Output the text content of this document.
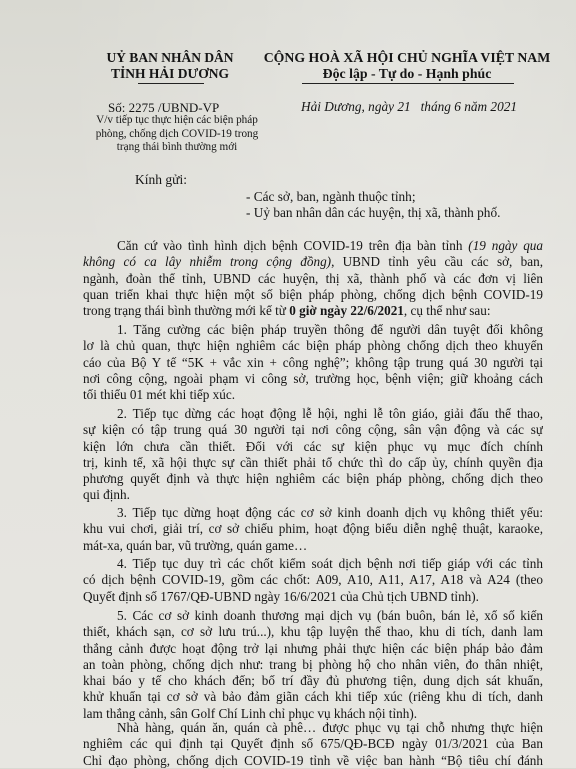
UỶ BAN NHÂN DÂN
TỈNH HẢI DƯƠNG
CỘNG HOÀ XÃ HỘI CHỦ NGHĨA VIỆT NAM
Độc lập - Tự do - Hạnh phúc
Số: 2275 /UBND-VP
V/v tiếp tục thực hiện các biện pháp
phòng, chống dịch COVID-19 trong
trạng thái bình thường mới
Hải Dương, ngày 21   tháng 6 năm 2021
Kính gửi:
- Các sở, ban, ngành thuộc tỉnh;
- Uỷ ban nhân dân các huyện, thị xã, thành phố.
Căn cứ vào tình hình dịch bệnh COVID-19 trên địa bàn tỉnh (19 ngày qua
không có ca lây nhiễm trong cộng đồng), UBND tỉnh yêu cầu các sở, ban,
ngành, đoàn thể tỉnh, UBND các huyện, thị xã, thành phố và các đơn vị liên
quan triển khai thực hiện một số biện pháp phòng, chống dịch bệnh COVID-19
trong trạng thái bình thường mới kể từ 0 giờ ngày 22/6/2021, cụ thể như sau:
1. Tăng cường các biện pháp truyền thông để người dân tuyệt đối không
lơ là chủ quan, thực hiện nghiêm các biện pháp phòng chống dịch theo khuyến
cáo của Bộ Y tế “5K + vắc xin + công nghệ”; không tập trung quá 30 người tại
nơi công cộng, ngoài phạm vi công sở, trường học, bệnh viện; giữ khoảng cách
tối thiểu 01 mét khi tiếp xúc.
2. Tiếp tục dừng các hoạt động lễ hội, nghi lễ tôn giáo, giải đấu thể thao,
sự kiện có tập trung quá 30 người tại nơi công cộng, sân vận động và các sự
kiện lớn chưa cần thiết. Đối với các sự kiện phục vụ mục đích chính
trị, kinh tế, xã hội thực sự cần thiết phải tổ chức thì do cấp ủy, chính quyền địa
phương quyết định và thực hiện nghiêm các biện pháp phòng, chống dịch theo
qui định.
3. Tiếp tục dừng hoạt động các cơ sở kinh doanh dịch vụ không thiết yếu:
khu vui chơi, giải trí, cơ sở chiếu phim, hoạt động biểu diễn nghệ thuật, karaoke,
mát-xa, quán bar, vũ trường, quán game…
4. Tiếp tục duy trì các chốt kiểm soát dịch bệnh nơi tiếp giáp với các tỉnh
có dịch bệnh COVID-19, gồm các chốt: A09, A10, A11, A17, A18 và A24 (theo
Quyết định số 1767/QĐ-UBND ngày 16/6/2021 của Chủ tịch UBND tỉnh).
5. Các cơ sở kinh doanh thương mại dịch vụ (bán buôn, bán lẻ, xổ số kiến
thiết, khách sạn, cơ sở lưu trú...), khu tập luyện thể thao, khu di tích, danh lam
thắng cảnh được hoạt động trở lại nhưng phải thực hiện các biện pháp bảo đảm
an toàn phòng, chống dịch như: trang bị phòng hộ cho nhân viên, đo thân nhiệt,
khai báo y tế cho khách đến; bố trí đầy đủ phương tiện, dung dịch sát khuẩn,
khử khuẩn tại cơ sở và bảo đảm giãn cách khi tiếp xúc (riêng khu di tích, danh
lam thắng cảnh, sân Golf Chí Linh chỉ phục vụ khách nội tỉnh).
Nhà hàng, quán ăn, quán cà phê… được phục vụ tại chỗ nhưng thực hiện
nghiêm các qui định tại Quyết định số 675/QĐ-BCĐ ngày 01/3/2021 của Ban
Chỉ đạo phòng, chống dịch COVID-19 tỉnh về việc ban hành “Bộ tiêu chí đánh
